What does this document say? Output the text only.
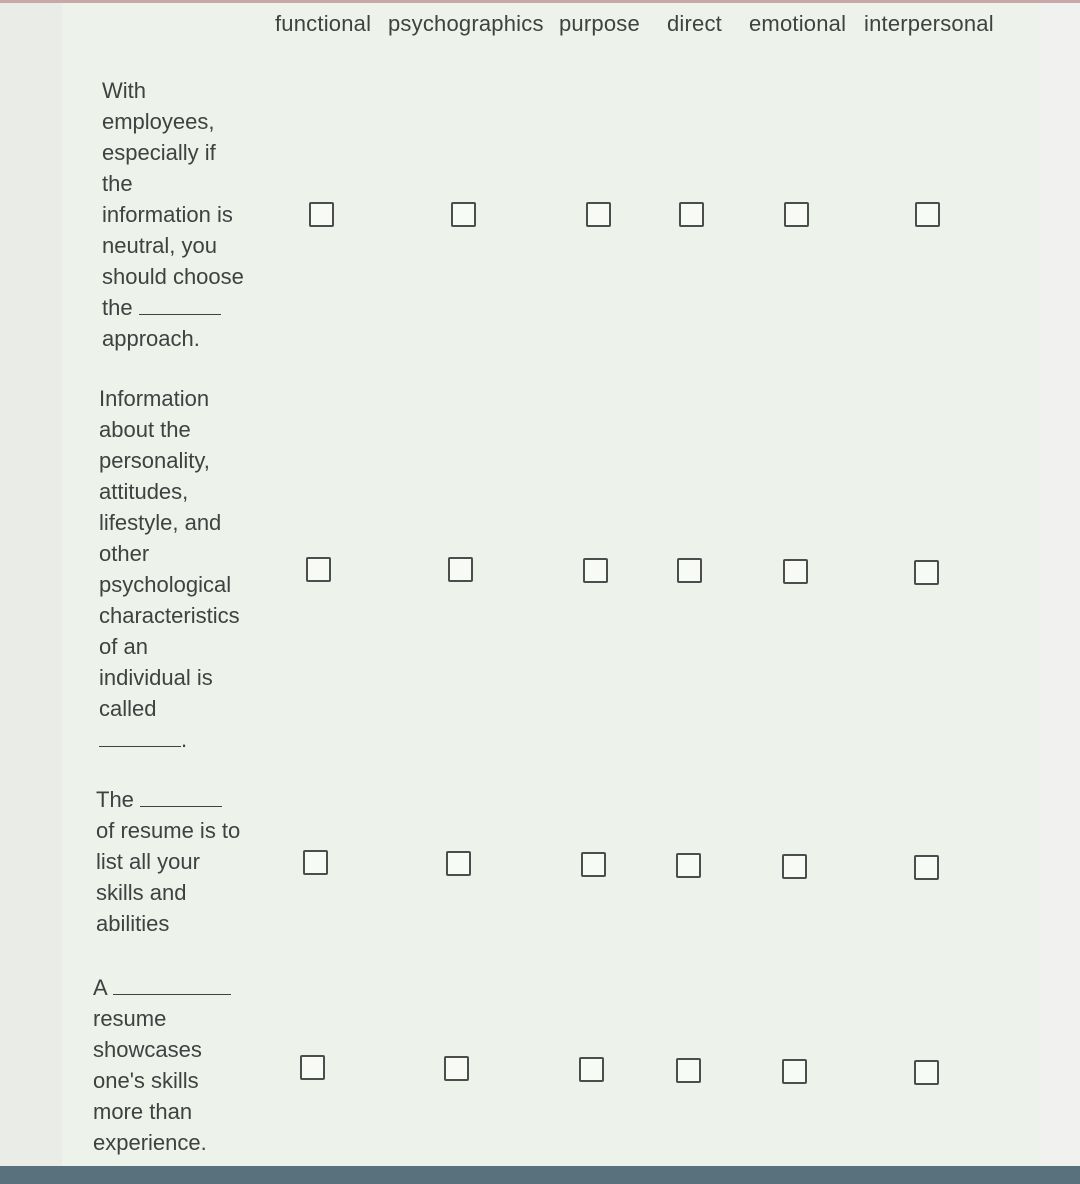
functional psychographics purpose direct emotional interpersonal
With
employees,
especially if
the
information is
neutral, you
should choose
the
approach.
Information
about the
personality,
attitudes,
lifestyle, and
other
psychological
characteristics
of an
individual is
called
.
The
of resume is to
list all your
skills and
abilities
A
resume
showcases
one's skills
more than
experience.
